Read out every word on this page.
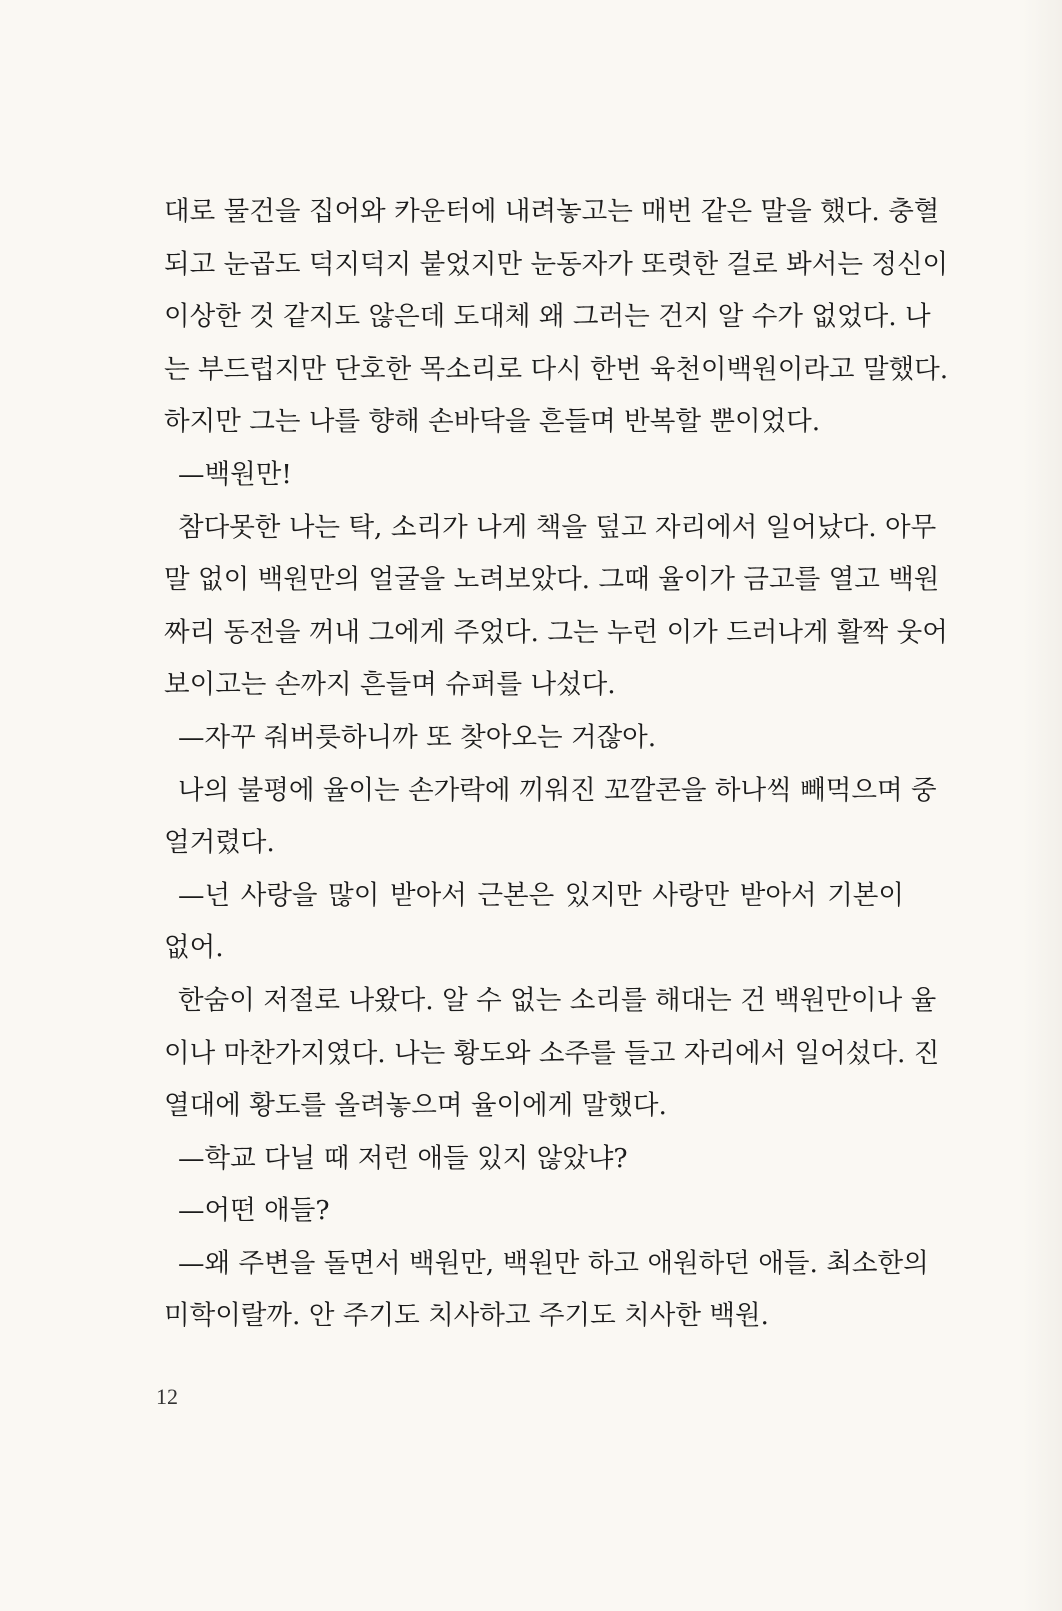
대로 물건을 집어와 카운터에 내려놓고는 매번 같은 말을 했다. 충혈
되고 눈곱도 덕지덕지 붙었지만 눈동자가 또렷한 걸로 봐서는 정신이
이상한 것 같지도 않은데 도대체 왜 그러는 건지 알 수가 없었다. 나
는 부드럽지만 단호한 목소리로 다시 한번 육천이백원이라고 말했다.
하지만 그는 나를 향해 손바닥을 흔들며 반복할 뿐이었다.
—백원만!
참다못한 나는 탁, 소리가 나게 책을 덮고 자리에서 일어났다. 아무
말 없이 백원만의 얼굴을 노려보았다. 그때 율이가 금고를 열고 백원
짜리 동전을 꺼내 그에게 주었다. 그는 누런 이가 드러나게 활짝 웃어
보이고는 손까지 흔들며 슈퍼를 나섰다.
—자꾸 줘버릇하니까 또 찾아오는 거잖아.
나의 불평에 율이는 손가락에 끼워진 꼬깔콘을 하나씩 빼먹으며 중
얼거렸다.
—넌 사랑을 많이 받아서 근본은 있지만 사랑만 받아서 기본이
없어.
한숨이 저절로 나왔다. 알 수 없는 소리를 해대는 건 백원만이나 율
이나 마찬가지였다. 나는 황도와 소주를 들고 자리에서 일어섰다. 진
열대에 황도를 올려놓으며 율이에게 말했다.
—학교 다닐 때 저런 애들 있지 않았냐?
—어떤 애들?
—왜 주변을 돌면서 백원만, 백원만 하고 애원하던 애들. 최소한의
미학이랄까. 안 주기도 치사하고 주기도 치사한 백원.
12
